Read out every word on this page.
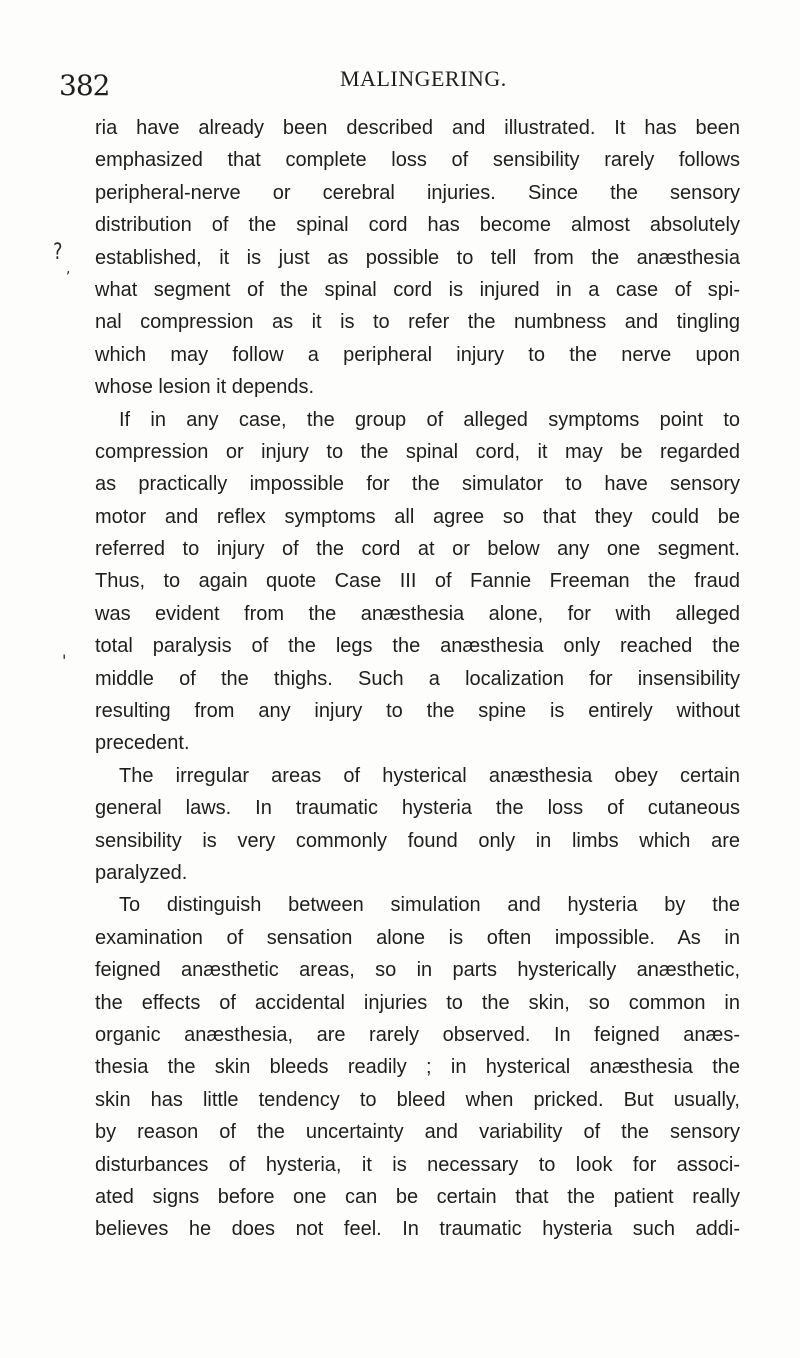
382	MALINGERING.
?
,
'
ria have already been described and illustrated. It has been
emphasized that complete loss of sensibility rarely follows
peripheral-nerve or cerebral injuries. Since the sensory
distribution of the spinal cord has become almost absolutely
established, it is just as possible to tell from the anæsthesia
what segment of the spinal cord is injured in a case of spi-
nal compression as it is to refer the numbness and tingling
which may follow a peripheral injury to the nerve upon
whose lesion it depends.
If in any case, the group of alleged symptoms point to
compression or injury to the spinal cord, it may be regarded
as practically impossible for the simulator to have sensory
motor and reflex symptoms all agree so that they could be
referred to injury of the cord at or below any one segment.
Thus, to again quote Case III of Fannie Freeman the fraud
was evident from the anæsthesia alone, for with alleged
total paralysis of the legs the anæsthesia only reached the
middle of the thighs. Such a localization for insensibility
resulting from any injury to the spine is entirely without
precedent.
The irregular areas of hysterical anæsthesia obey certain
general laws. In traumatic hysteria the loss of cutaneous
sensibility is very commonly found only in limbs which are
paralyzed.
To distinguish between simulation and hysteria by the
examination of sensation alone is often impossible. As in
feigned anæsthetic areas, so in parts hysterically anæsthetic,
the effects of accidental injuries to the skin, so common in
organic anæsthesia, are rarely observed. In feigned anæs-
thesia the skin bleeds readily ; in hysterical anæsthesia the
skin has little tendency to bleed when pricked. But usually,
by reason of the uncertainty and variability of the sensory
disturbances of hysteria, it is necessary to look for associ-
ated signs before one can be certain that the patient really
believes he does not feel. In traumatic hysteria such addi-
